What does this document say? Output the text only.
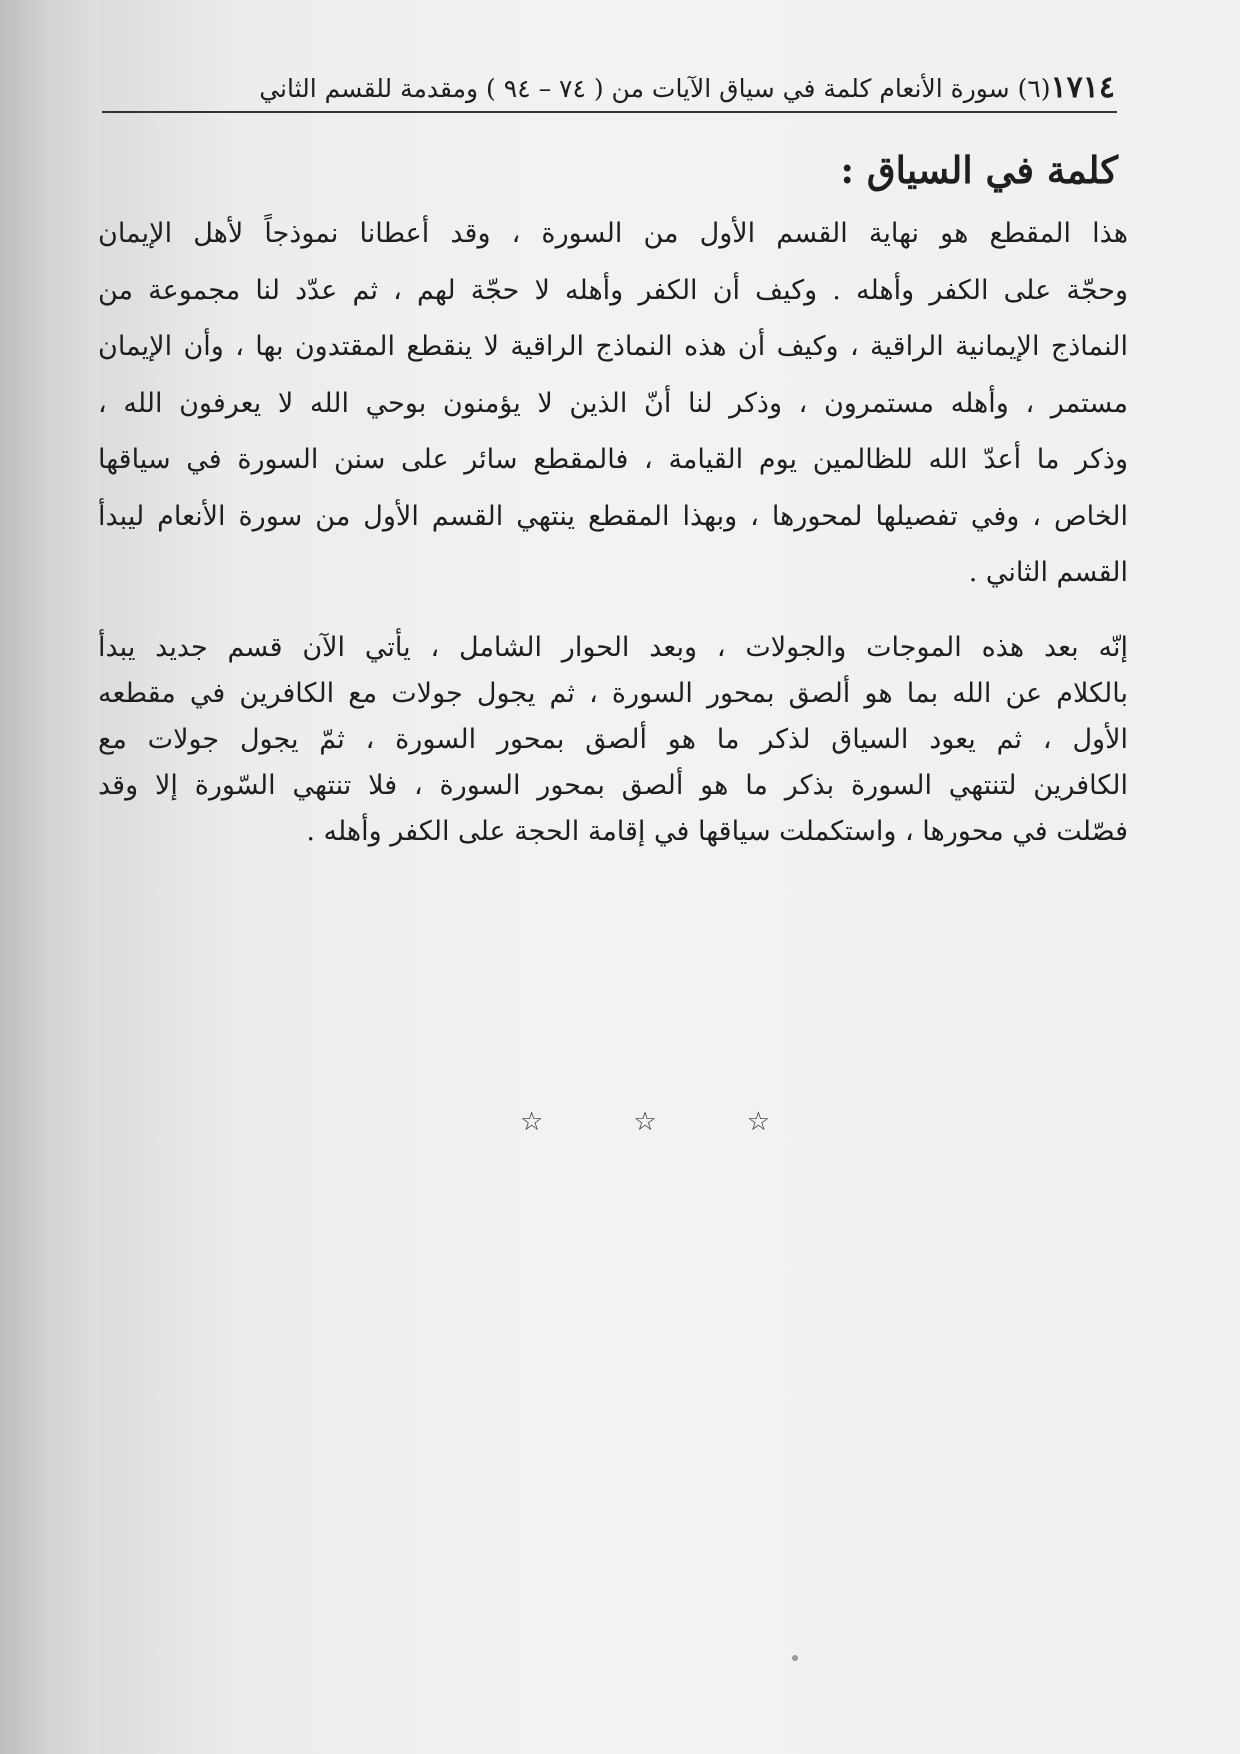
١٧١٤(٦) سورة الأنعام كلمة في سياق الآيات من ( ٧٤ – ٩٤ ) ومقدمة للقسم الثاني
كلمة في السياق :
هذا المقطع هو نهاية القسم الأول من السورة ، وقد أعطانا نموذجاً لأهل الإيمان
وحجّة على الكفر وأهله . وكيف أن الكفر وأهله لا حجّة لهم ، ثم عدّد لنا مجموعة من
النماذج الإيمانية الراقية ، وكيف أن هذه النماذج الراقية لا ينقطع المقتدون بها ، وأن الإيمان
مستمر ، وأهله مستمرون ، وذكر لنا أنّ الذين لا يؤمنون بوحي الله لا يعرفون الله ،
وذكر ما أعدّ الله للظالمين يوم القيامة ، فالمقطع سائر على سنن السورة في سياقها
الخاص ، وفي تفصيلها لمحورها ، وبهذا المقطع ينتهي القسم الأول من سورة الأنعام ليبدأ
القسم الثاني .
إنّه بعد هذه الموجات والجولات ، وبعد الحوار الشامل ، يأتي الآن قسم جديد يبدأ
بالكلام عن الله بما هو ألصق بمحور السورة ، ثم يجول جولات مع الكافرين في مقطعه
الأول ، ثم يعود السياق لذكر ما هو ألصق بمحور السورة ، ثمّ يجول جولات مع
الكافرين لتنتهي السورة بذكر ما هو ألصق بمحور السورة ، فلا تنتهي السّورة إلا وقد
فصّلت في محورها ، واستكملت سياقها في إقامة الحجة على الكفر وأهله .
☆	☆	☆
